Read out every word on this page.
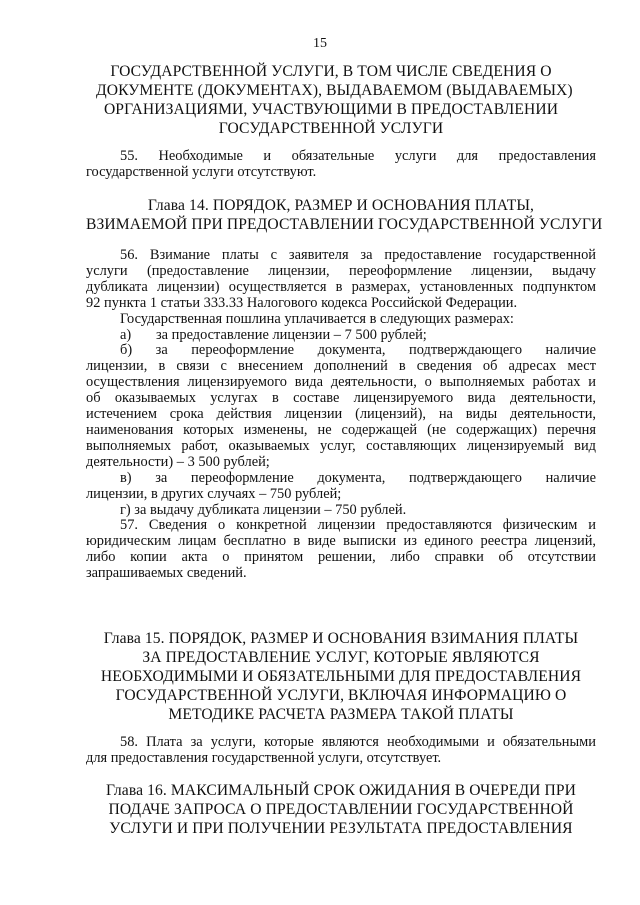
15
ГОСУДАРСТВЕННОЙ УСЛУГИ, В ТОМ ЧИСЛЕ СВЕДЕНИЯ О
ДОКУМЕНТЕ (ДОКУМЕНТАХ), ВЫДАВАЕМОМ (ВЫДАВАЕМЫХ)
ОРГАНИЗАЦИЯМИ, УЧАСТВУЮЩИМИ В ПРЕДОСТАВЛЕНИИ
ГОСУДАРСТВЕННОЙ УСЛУГИ
55. Необходимые и обязательные услуги для предоставления
государственной услуги отсутствуют.
Глава 14. ПОРЯДОК, РАЗМЕР И ОСНОВАНИЯ ПЛАТЫ,
ВЗИМАЕМОЙ ПРИ ПРЕДОСТАВЛЕНИИ ГОСУДАРСТВЕННОЙ УСЛУГИ
56. Взимание платы с заявителя за предоставление государственной
услуги (предоставление лицензии, переоформление лицензии, выдачу
дубликата лицензии) осуществляется в размерах, установленных подпунктом
92 пункта 1 статьи 333.33 Налогового кодекса Российской Федерации.
Государственная пошлина уплачивается в следующих размерах:
а)	за предоставление лицензии – 7 500 рублей;
б) за переоформление документа, подтверждающего наличие
лицензии, в связи с внесением дополнений в сведения об адресах мест
осуществления лицензируемого вида деятельности, о выполняемых работах и
об оказываемых услугах в составе лицензируемого вида деятельности,
истечением срока действия лицензии (лицензий), на виды деятельности,
наименования которых изменены, не содержащей (не содержащих) перечня
выполняемых работ, оказываемых услуг, составляющих лицензируемый вид
деятельности) – 3 500 рублей;
в) за переоформление документа, подтверждающего наличие
лицензии, в других случаях – 750 рублей;
г) за выдачу дубликата лицензии – 750 рублей.
57. Сведения о конкретной лицензии предоставляются физическим и
юридическим лицам бесплатно в виде выписки из единого реестра лицензий,
либо копии акта о принятом решении, либо справки об отсутствии
запрашиваемых сведений.
Глава 15. ПОРЯДОК, РАЗМЕР И ОСНОВАНИЯ ВЗИМАНИЯ ПЛАТЫ
ЗА ПРЕДОСТАВЛЕНИЕ УСЛУГ, КОТОРЫЕ ЯВЛЯЮТСЯ
НЕОБХОДИМЫМИ И ОБЯЗАТЕЛЬНЫМИ ДЛЯ ПРЕДОСТАВЛЕНИЯ
ГОСУДАРСТВЕННОЙ УСЛУГИ, ВКЛЮЧАЯ ИНФОРМАЦИЮ О
МЕТОДИКЕ РАСЧЕТА РАЗМЕРА ТАКОЙ ПЛАТЫ
58. Плата за услуги, которые являются необходимыми и обязательными
для предоставления государственной услуги, отсутствует.
Глава 16. МАКСИМАЛЬНЫЙ СРОК ОЖИДАНИЯ В ОЧЕРЕДИ ПРИ
ПОДАЧЕ ЗАПРОСА О ПРЕДОСТАВЛЕНИИ ГОСУДАРСТВЕННОЙ
УСЛУГИ И ПРИ ПОЛУЧЕНИИ РЕЗУЛЬТАТА ПРЕДОСТАВЛЕНИЯ
